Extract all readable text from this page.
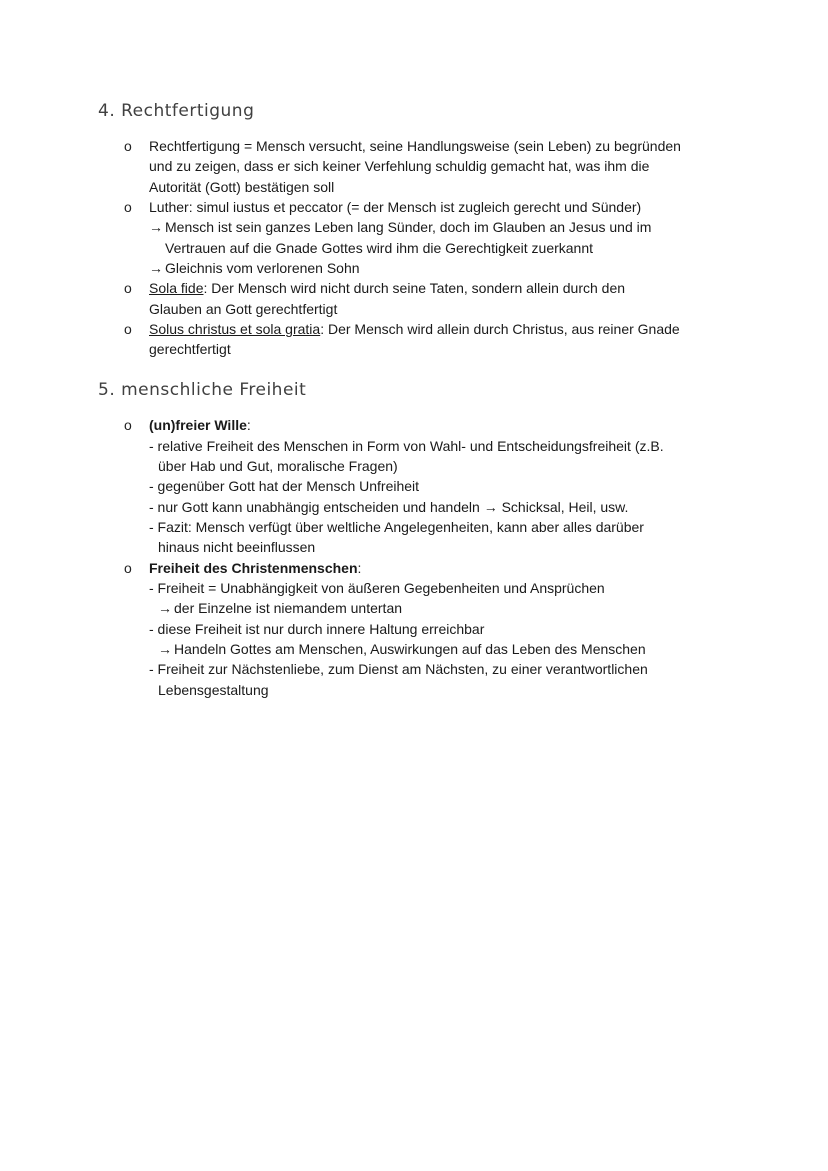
4. Rechtfertigung
o Rechtfertigung = Mensch versucht, seine Handlungsweise (sein Leben) zu begründen
und zu zeigen, dass er sich keiner Verfehlung schuldig gemacht hat, was ihm die
Autorität (Gott) bestätigen soll
o Luther: simul iustus et peccator (= der Mensch ist zugleich gerecht und Sünder)
→ Mensch ist sein ganzes Leben lang Sünder, doch im Glauben an Jesus und im
Vertrauen auf die Gnade Gottes wird ihm die Gerechtigkeit zuerkannt
→ Gleichnis vom verlorenen Sohn
o Sola fide: Der Mensch wird nicht durch seine Taten, sondern allein durch den
Glauben an Gott gerechtfertigt
o Solus christus et sola gratia: Der Mensch wird allein durch Christus, aus reiner Gnade
gerechtfertigt
5. menschliche Freiheit
o (un)freier Wille:
- relative Freiheit des Menschen in Form von Wahl- und Entscheidungsfreiheit (z.B.
über Hab und Gut, moralische Fragen)
- gegenüber Gott hat der Mensch Unfreiheit
- nur Gott kann unabhängig entscheiden und handeln → Schicksal, Heil, usw.
- Fazit: Mensch verfügt über weltliche Angelegenheiten, kann aber alles darüber
hinaus nicht beeinflussen
o Freiheit des Christenmenschen:
- Freiheit = Unabhängigkeit von äußeren Gegebenheiten und Ansprüchen
→ der Einzelne ist niemandem untertan
- diese Freiheit ist nur durch innere Haltung erreichbar
→ Handeln Gottes am Menschen, Auswirkungen auf das Leben des Menschen
- Freiheit zur Nächstenliebe, zum Dienst am Nächsten, zu einer verantwortlichen
Lebensgestaltung
